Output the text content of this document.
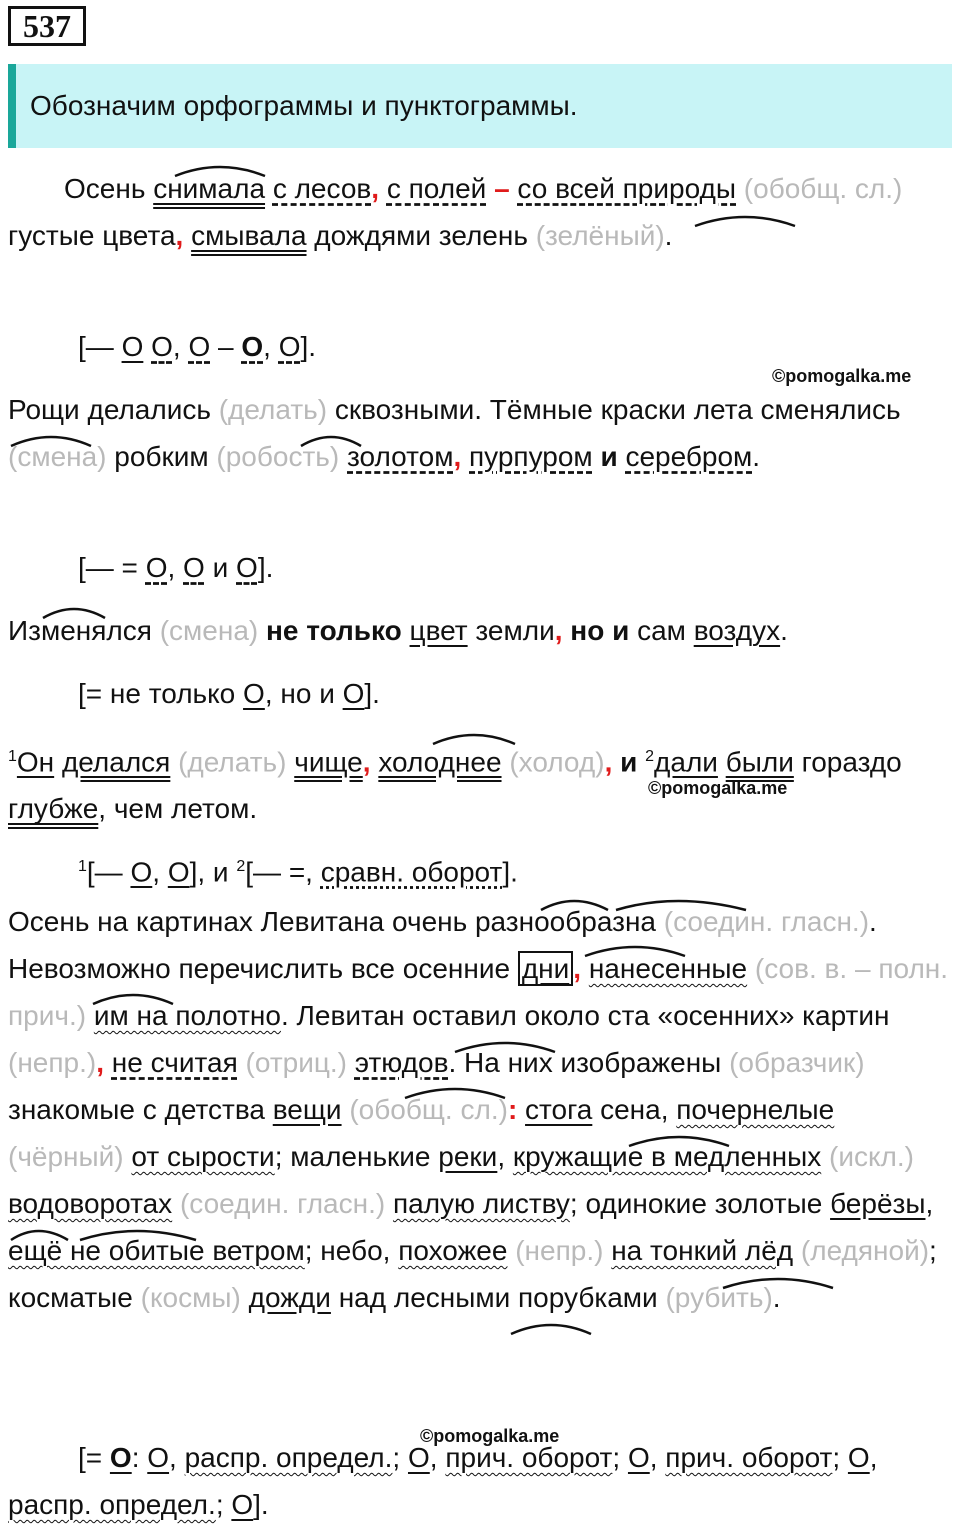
537
Обозначим орфограммы и пунктограммы.
Осень снимала с лесов, с полей – со всей природы (обобщ. сл.) густые цвета, смывала дождями зелень (зелёный).
[— О О, О – О, О].
©pomogalka.me
Рощи делались (делать) сквозными. Тёмные краски лета сменялись (смена) робким (робость) золотом, пурпуром и серебром.
[— = О, О и О].
Изменялся (смена) не только цвет земли, но и сам воздух.
[= не только О, но и О].
$^1$Он делался (делать) чище, холоднее (холод), и $^2$дали были гораздо глубже, чем летом.
©pomogalka.me
$^1$[— О, О], и $^2$[— =, сравн. оборот].
Осень на картинах Левитана очень разнообразна (соедин. гласн.). Невозможно перечислить все осенние дни , нанесенные (сов. в. – полн. прич.) им на полотно. Левитан оставил около ста «осенних» картин (непр.), не считая (отриц.) этюдов. На них изображены (образчик) знакомые с детства вещи (обобщ. сл.): стога сена, почернелые (чёрный) от сырости; маленькие реки, кружащие в медленных (искл.) водоворотах (соедин. гласн.) палую листву; одинокие золотые берёзы, ещё не обитые ветром; небо, похожее (непр.) на тонкий лёд (ледяной); косматые (космы) дожди над лесными порубками (рубить).
©pomogalka.me
[= О: О, распр. определ.; О, прич. оборот; О, прич. оборот; О, распр. определ.; О].
